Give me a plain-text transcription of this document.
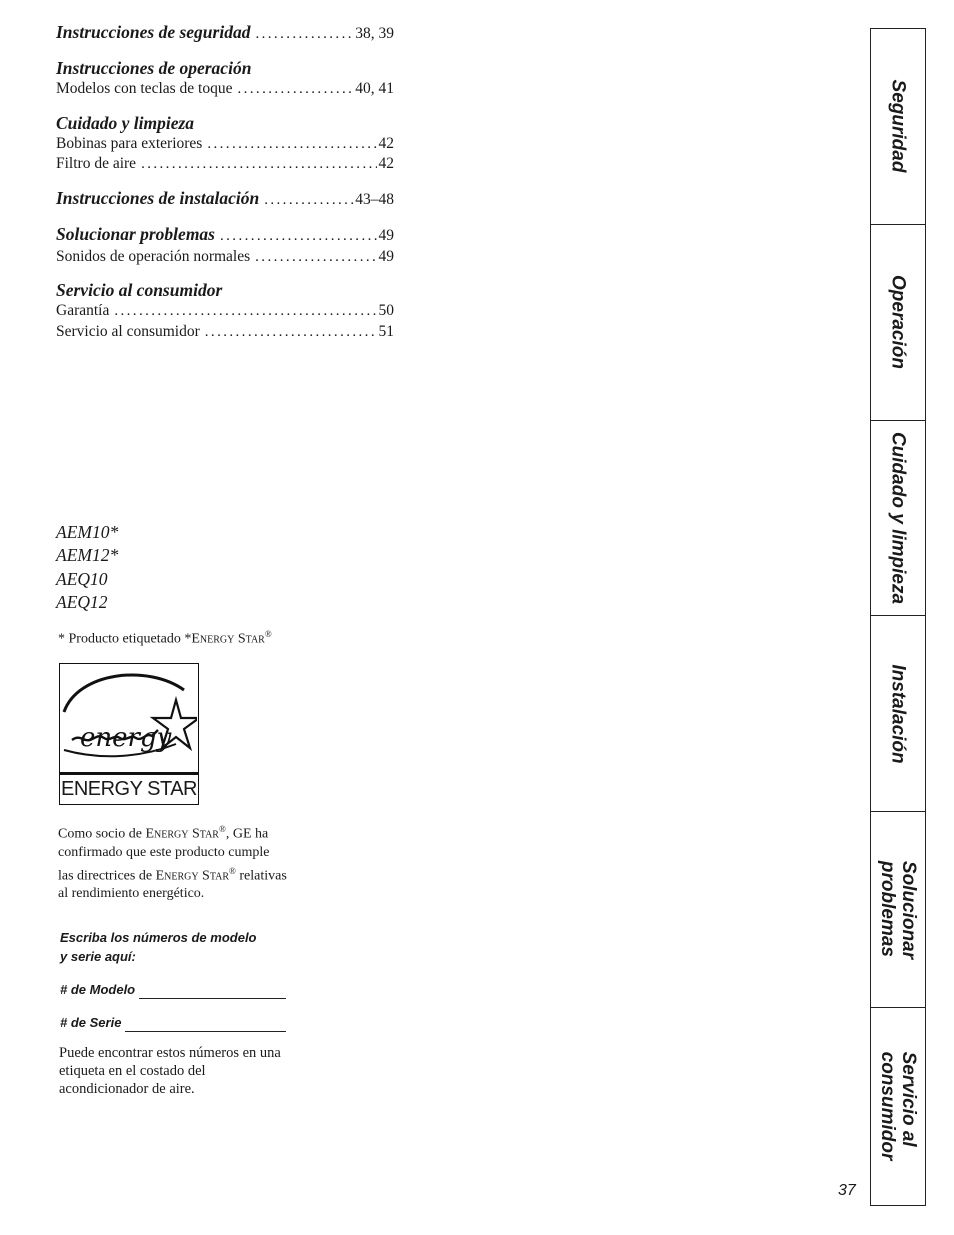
Instrucciones de seguridad .....	38, 39
Instrucciones de operación
Modelos con teclas de toque .....	40, 41
Cuidado y limpieza
Bobinas para exteriores .....	42
Filtro de aire .....	42
Instrucciones de instalación .....	43–48
Solucionar problemas .....	49
Sonidos de operación normales .....	49
Servicio al consumidor
Garantía .....	50
Servicio al consumidor .....	51
AEM10*
AEM12*
AEQ10
AEQ12
* Producto etiquetado *Energy Star®
energy
ENERGY STAR
Como socio de Energy Star®, GE ha confirmado que este producto cumple las directrices de Energy Star® relativas al rendimiento energético.
Escriba los números de modelo
y serie aquí:
# de Modelo
# de Serie
Puede encontrar estos números en una etiqueta en el costado del acondicionador de aire.
37
Seguridad
Operación
Cuidado y limpieza
Instalación
Solucionar
problemas
Servicio al
consumidor
